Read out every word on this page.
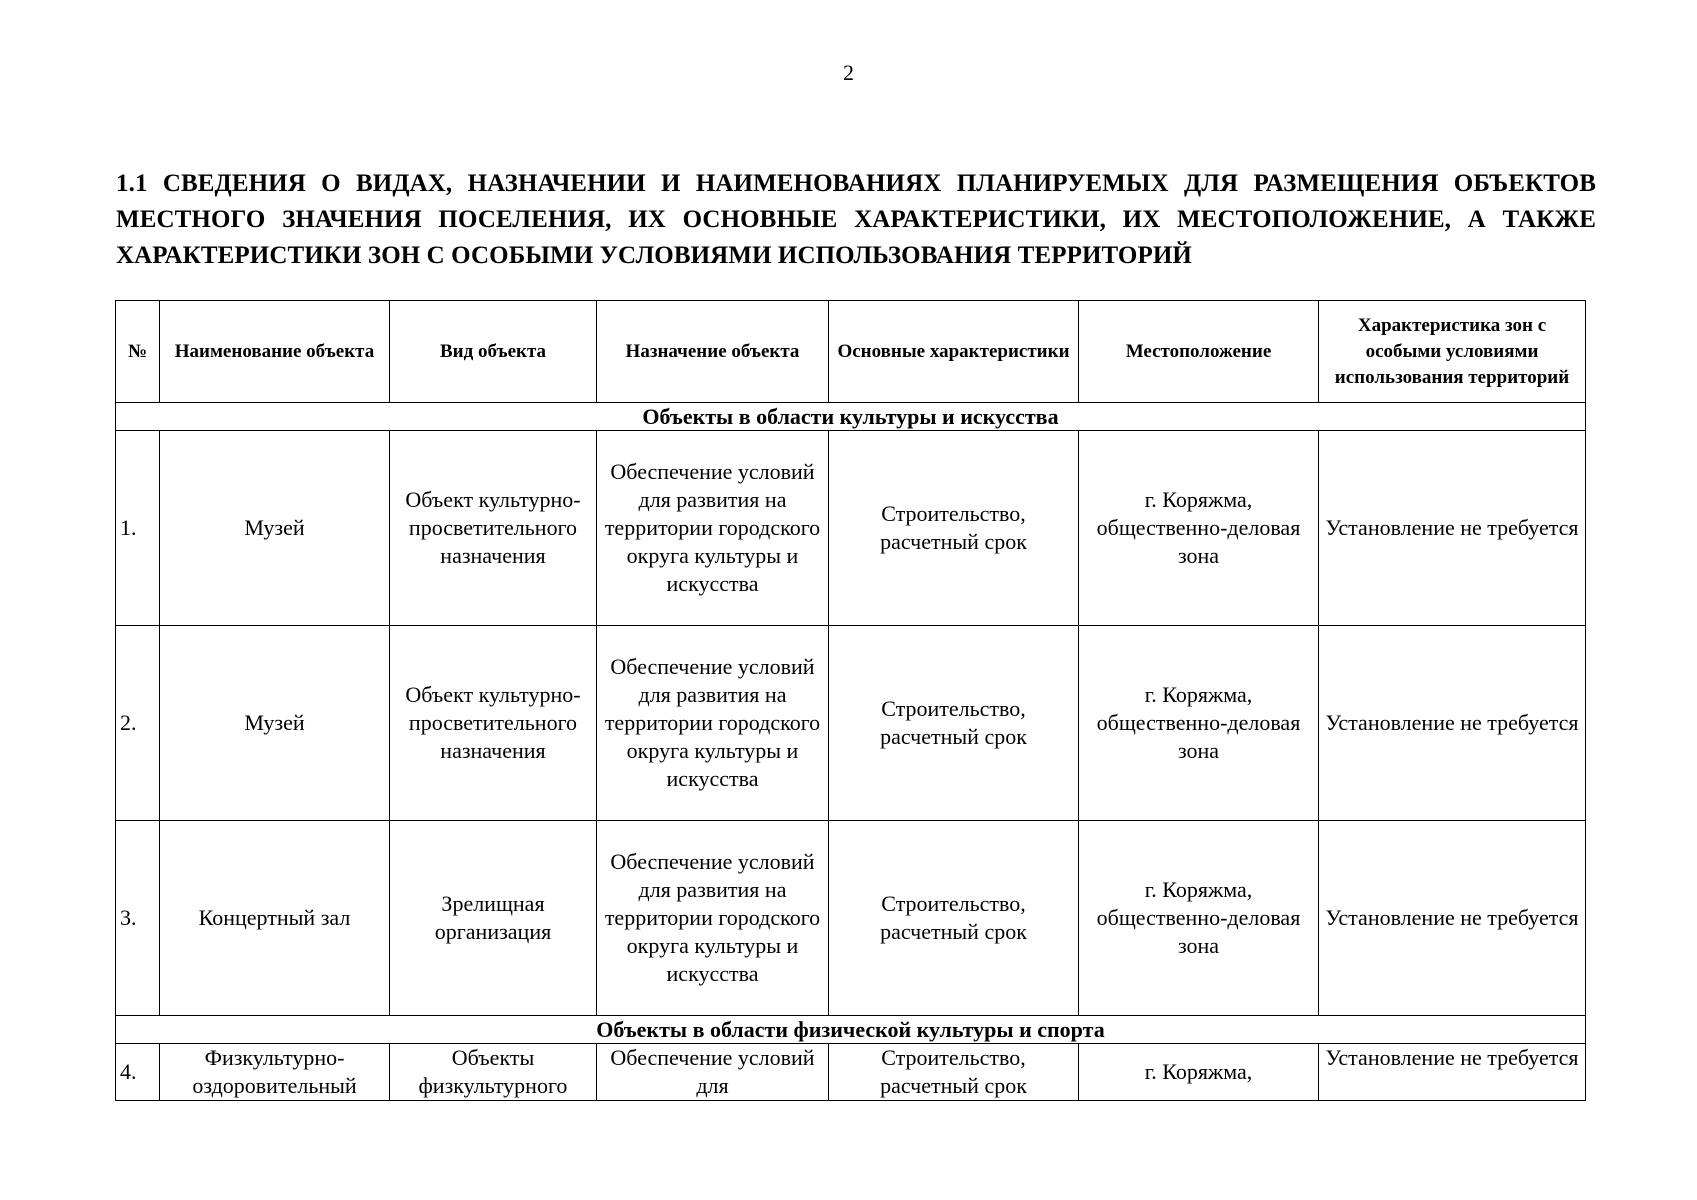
2
1.1 СВЕДЕНИЯ О ВИДАХ, НАЗНАЧЕНИИ И НАИМЕНОВАНИЯХ ПЛАНИРУЕМЫХ ДЛЯ РАЗМЕЩЕНИЯ ОБЪЕКТОВ МЕСТНОГО ЗНАЧЕНИЯ ПОСЕЛЕНИЯ, ИХ ОСНОВНЫЕ ХАРАКТЕРИСТИКИ, ИХ МЕСТОПОЛОЖЕНИЕ, А ТАКЖЕ ХАРАКТЕРИСТИКИ ЗОН С ОСОБЫМИ УСЛОВИЯМИ ИСПОЛЬЗОВАНИЯ ТЕРРИТОРИЙ
№	Наименование объекта	Вид объекта	Назначение объекта	Основные характеристики	Местоположение	Характеристика зон с особыми условиями использования территорий
Объекты в области культуры и искусства						
1.	Музей	Объект культурно-просветительного назначения	Обеспечение условий для развития на территории городского округа культуры и искусства	Строительство, расчетный срок	г. Коряжма, общественно-деловая зона	Установление не требуется
2.	Музей	Объект культурно-просветительного назначения	Обеспечение условий для развития на территории городского округа культуры и искусства	Строительство, расчетный срок	г. Коряжма, общественно-деловая зона	Установление не требуется
3.	Концертный зал	Зрелищная организация	Обеспечение условий для развития на территории городского округа культуры и искусства	Строительство, расчетный срок	г. Коряжма, общественно-деловая зона	Установление не требуется
Объекты в области физической культуры и спорта						
4.	Физкультурно-оздоровительный	Объекты физкультурного	Обеспечение условий для	Строительство, расчетный срок	г. Коряжма,	Установление не требуется
